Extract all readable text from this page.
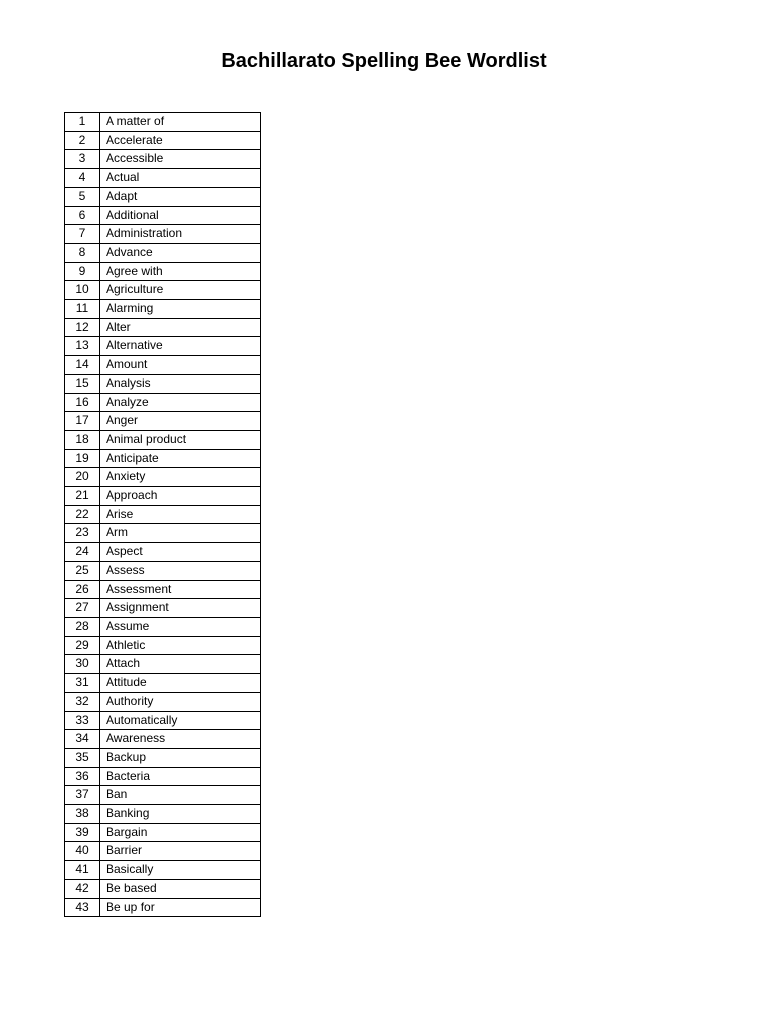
Bachillarato Spelling Bee Wordlist
1	A matter of
2	Accelerate
3	Accessible
4	Actual
5	Adapt
6	Additional
7	Administration
8	Advance
9	Agree with
10	Agriculture
11	Alarming
12	Alter
13	Alternative
14	Amount
15	Analysis
16	Analyze
17	Anger
18	Animal product
19	Anticipate
20	Anxiety
21	Approach
22	Arise
23	Arm
24	Aspect
25	Assess
26	Assessment
27	Assignment
28	Assume
29	Athletic
30	Attach
31	Attitude
32	Authority
33	Automatically
34	Awareness
35	Backup
36	Bacteria
37	Ban
38	Banking
39	Bargain
40	Barrier
41	Basically
42	Be based
43	Be up for
